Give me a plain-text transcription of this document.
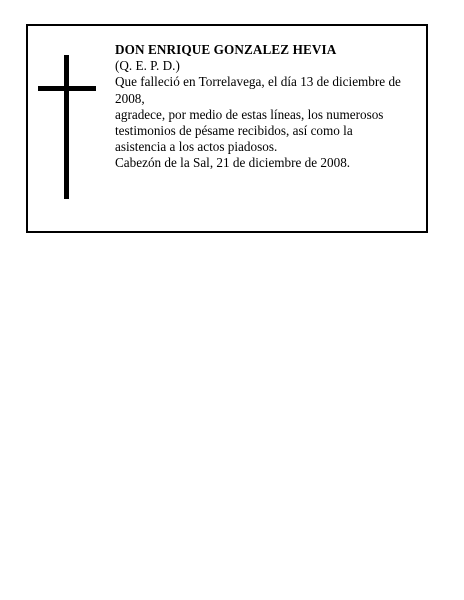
DON ENRIQUE GONZALEZ HEVIA

(Q. E. P. D.)

Que falleció en Torrelavega, el día 13 de diciembre de 2008,

agradece, por medio de estas líneas, los numerosos testimonios de pésame recibidos, así como la asistencia a los actos piadosos.

Cabezón de la Sal, 21 de diciembre de 2008.
